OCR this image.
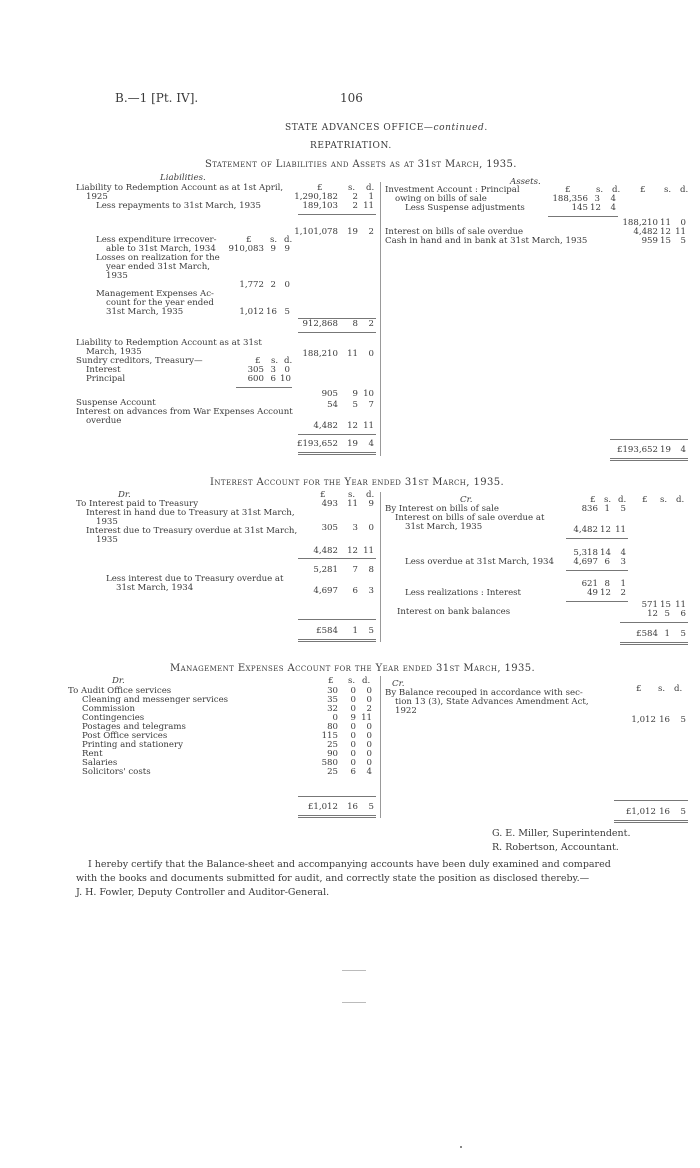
B.—1 [Pt. IV].	106
STATE ADVANCES OFFICE—continued.
REPATRIATION.
Statement of Liabilities and Assets as at 31st March, 1935.
Liabilities.	Assets.
Liability to Redemption Account as at 1st April,
1925
Less repayments to 31st March, 1935
£	s. d.
1,290,182	2	1
189,103	2 11
1,101,078	19	2
£ s. d.
Less expenditure irrecover-
able to 31st March, 1934	910,083 9 9
Losses on realization for the
year ended 31st March,
1935
1,772 2 0
Management Expenses Ac-
count for the year ended
31st March, 1935	1,012 16 5
912,868	8	2
Liability to Redemption Account as at 31st
March, 1935	188,210	11	0
Sundry creditors, Treasury—	£ s. d.
Interest	305 3 0
Principal	600 6 10
905	9 10
Suspense Account	54	5	7
Interest on advances from War Expenses Account
overdue	4,482	12 11
£193,652	19	4
£	s. d. £ s. d.
Investment Account : Principal
owing on bills of sale	188,356 3	4
Less Suspense adjustments	145 12	4
188,210 11	0
Interest on bills of sale overdue	4,482 12 11
Cash in hand and in bank at 31st March, 1935	959 15	5
£193,652 19	4
Interest Account for the Year ended 31st March, 1935.
Dr.	Cr.
£	s. d.	£ s. d. £ s. d.
To Interest paid to Treasury	493	11	9
Interest in hand due to Treasury at 31st March,
1935
305	3	0
Interest due to Treasury overdue at 31st March,
1935
4,482	12 11
5,281	7	8
Less interest due to Treasury overdue at
31st March, 1934	4,697	6	3
£584	1	5
By Interest on bills of sale	836 1	5
Interest on bills of sale overdue at
31st March, 1935	4,482 12 11
5,318 14	4
Less overdue at 31st March, 1934	4,697 6	3
621 8	1
Less realizations : Interest	49 12	2
571 15 11
Interest on bank balances	12 5	6
£584 1	5
Management Expenses Account for the Year ended 31st March, 1935.
Dr.	Cr.
£ s. d.
£ s. d.
To Audit Office services	30	0	0
Cleaning and messenger services	35	0	0
Commission	32	0	2
Contingencies	0	9 11
Postages and telegrams	80	0	0
Post Office services	115	0	0
Printing and stationery	25	0	0
Rent	90	0	0
Salaries	580	0	0
Solicitors' costs	25	6	4
£1,012	16	5
By Balance recouped in accordance with sec-
tion 13 (3), State Advances Amendment Act,
1922
1,012 16	5
£1,012 16	5
G. E. Miller, Superintendent.
R. Robertson, Accountant.
I hereby certify that the Balance-sheet and accompanying accounts have been duly examined and compared
with the books and documents submitted for audit, and correctly state the position as disclosed thereby.—
J. H. Fowler, Deputy Controller and Auditor-General.
